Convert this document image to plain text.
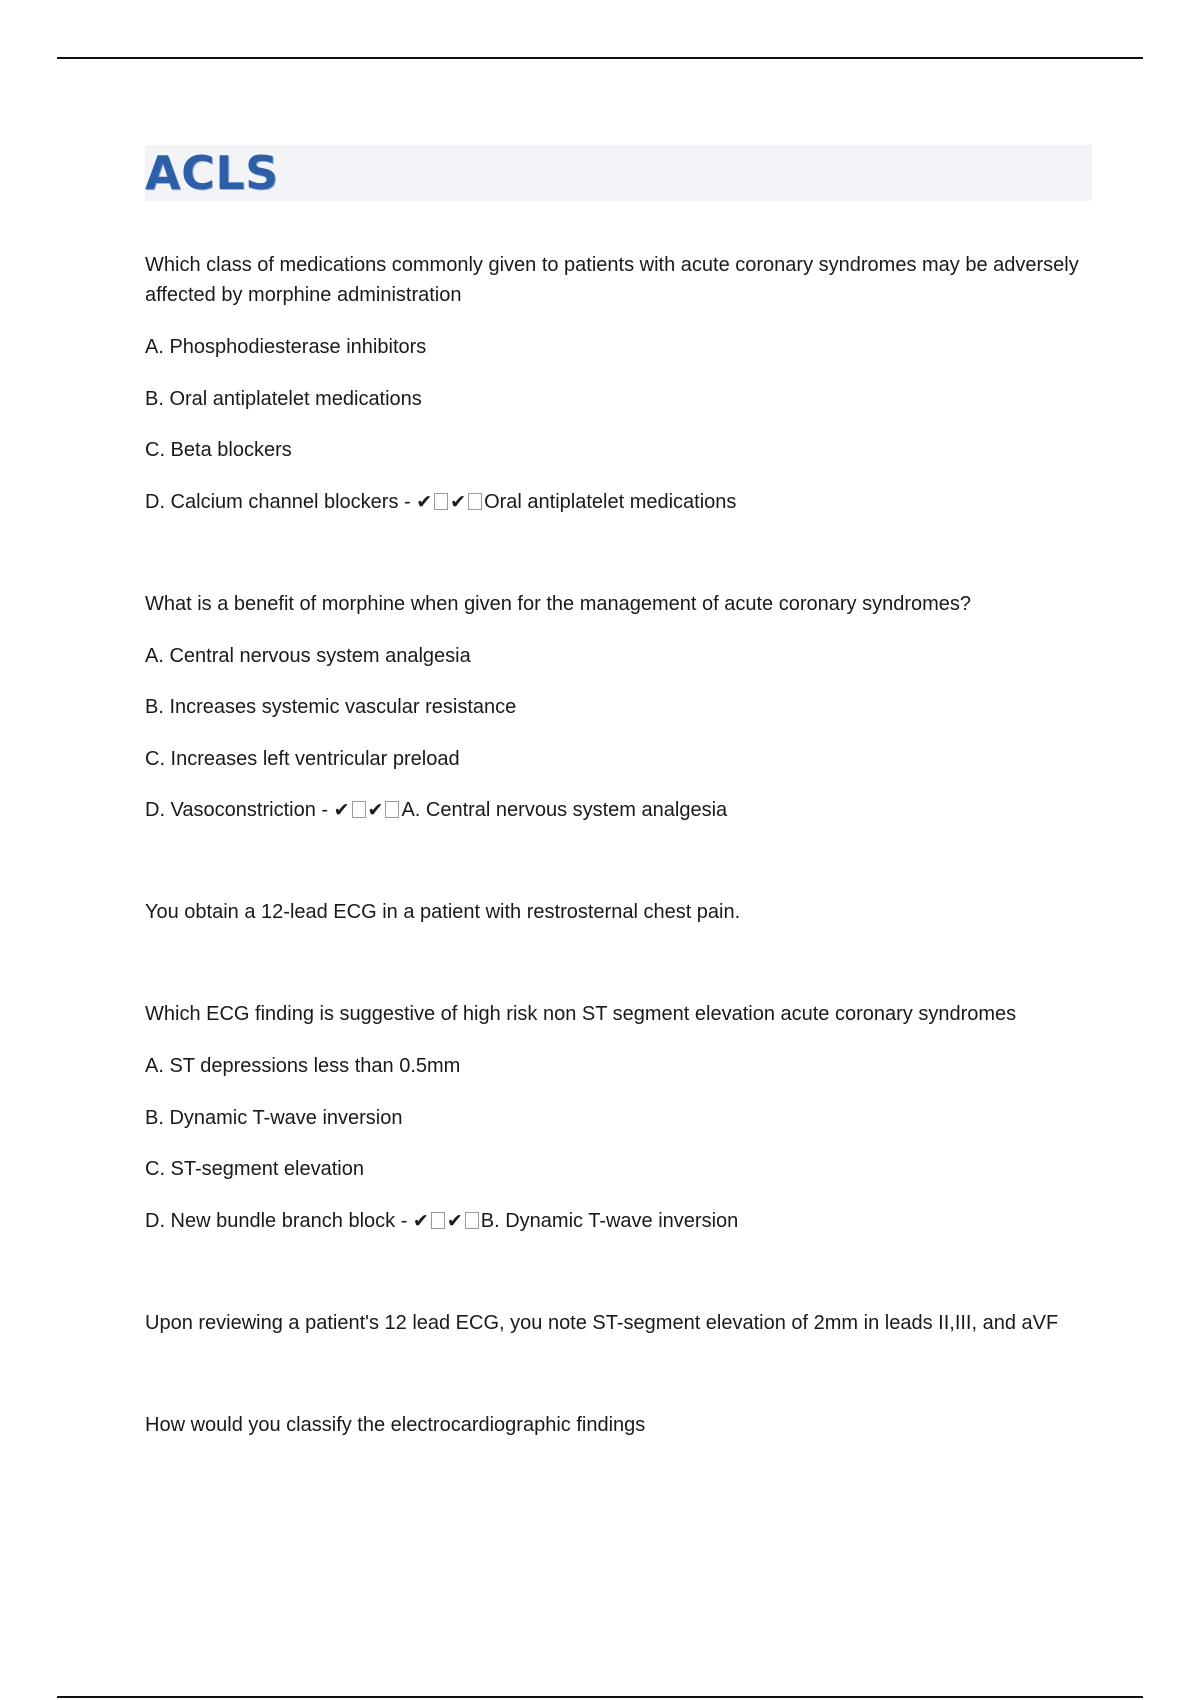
ACLS
Which class of medications commonly given to patients with acute coronary syndromes may be adversely affected by morphine administration
A. Phosphodiesterase inhibitors
B. Oral antiplatelet medications
C. Beta blockers
D. Calcium channel blockers - ✔ ✔ Oral antiplatelet medications
What is a benefit of morphine when given for the management of acute coronary syndromes?
A. Central nervous system analgesia
B. Increases systemic vascular resistance
C. Increases left ventricular preload
D. Vasoconstriction - ✔ ✔ A. Central nervous system analgesia
You obtain a 12-lead ECG in a patient with restrosternal chest pain.
Which ECG finding is suggestive of high risk non ST segment elevation acute coronary syndromes
A. ST depressions less than 0.5mm
B. Dynamic T-wave inversion
C. ST-segment elevation
D. New bundle branch block - ✔ ✔ B. Dynamic T-wave inversion
Upon reviewing a patient's 12 lead ECG, you note ST-segment elevation of 2mm in leads II,III, and aVF
How would you classify the electrocardiographic findings
